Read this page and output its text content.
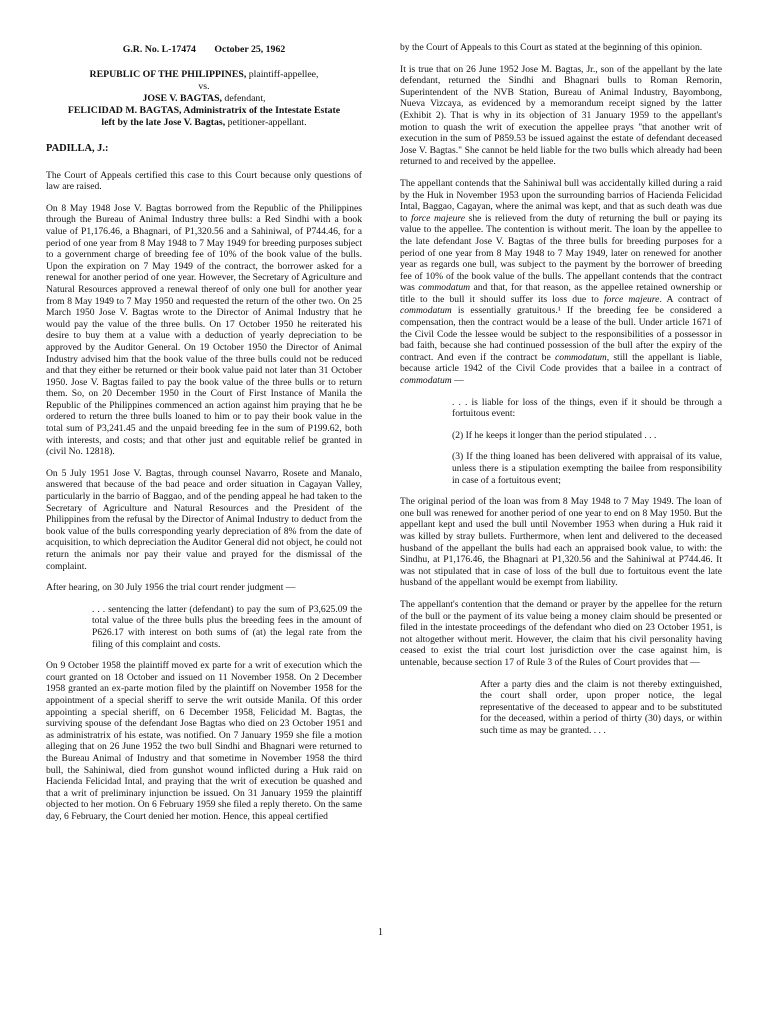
G.R. No. L-17474 October 25, 1962
REPUBLIC OF THE PHILIPPINES, plaintiff-appellee,
vs.
JOSE V. BAGTAS, defendant,
FELICIDAD M. BAGTAS, Administratrix of the Intestate Estate
left by the late Jose V. Bagtas, petitioner-appellant.
PADILLA, J.:

The Court of Appeals certified this case to this Court because only questions of law are raised.

On 8 May 1948 Jose V. Bagtas borrowed from the Republic of the Philippines through the Bureau of Animal Industry three bulls: a Red Sindhi with a book value of P1,176.46, a Bhagnari, of P1,320.56 and a Sahiniwal, of P744.46, for a period of one year from 8 May 1948 to 7 May 1949 for breeding purposes subject to a government charge of breeding fee of 10% of the book value of the bulls. Upon the expiration on 7 May 1949 of the contract, the borrower asked for a renewal for another period of one year. However, the Secretary of Agriculture and Natural Resources approved a renewal thereof of only one bull for another year from 8 May 1949 to 7 May 1950 and requested the return of the other two. On 25 March 1950 Jose V. Bagtas wrote to the Director of Animal Industry that he would pay the value of the three bulls. On 17 October 1950 he reiterated his desire to buy them at a value with a deduction of yearly depreciation to be approved by the Auditor General. On 19 October 1950 the Director of Animal Industry advised him that the book value of the three bulls could not be reduced and that they either be returned or their book value paid not later than 31 October 1950. Jose V. Bagtas failed to pay the book value of the three bulls or to return them. So, on 20 December 1950 in the Court of First Instance of Manila the Republic of the Philippines commenced an action against him praying that he be ordered to return the three bulls loaned to him or to pay their book value in the total sum of P3,241.45 and the unpaid breeding fee in the sum of P199.62, both with interests, and costs; and that other just and equitable relief be granted in (civil No. 12818).

On 5 July 1951 Jose V. Bagtas, through counsel Navarro, Rosete and Manalo, answered that because of the bad peace and order situation in Cagayan Valley, particularly in the barrio of Baggao, and of the pending appeal he had taken to the Secretary of Agriculture and Natural Resources and the President of the Philippines from the refusal by the Director of Animal Industry to deduct from the book value of the bulls corresponding yearly depreciation of 8% from the date of acquisition, to which depreciation the Auditor General did not object, he could not return the animals nor pay their value and prayed for the dismissal of the complaint.

After hearing, on 30 July 1956 the trial court render judgment —

. . . sentencing the latter (defendant) to pay the sum of P3,625.09 the total value of the three bulls plus the breeding fees in the amount of P626.17 with interest on both sums of (at) the legal rate from the filing of this complaint and costs.

On 9 October 1958 the plaintiff moved ex parte for a writ of execution which the court granted on 18 October and issued on 11 November 1958. On 2 December 1958 granted an ex-parte motion filed by the plaintiff on November 1958 for the appointment of a special sheriff to serve the writ outside Manila. Of this order appointing a special sheriff, on 6 December 1958, Felicidad M. Bagtas, the surviving spouse of the defendant Jose Bagtas who died on 23 October 1951 and as administratrix of his estate, was notified. On 7 January 1959 she file a motion alleging that on 26 June 1952 the two bull Sindhi and Bhagnari were returned to the Bureau Animal of Industry and that sometime in November 1958 the third bull, the Sahiniwal, died from gunshot wound inflicted during a Huk raid on Hacienda Felicidad Intal, and praying that the writ of execution be quashed and that a writ of preliminary injunction be issued. On 31 January 1959 the plaintiff objected to her motion. On 6 February 1959 she filed a reply thereto. On the same day, 6 February, the Court denied her motion. Hence, this appeal certified

by the Court of Appeals to this Court as stated at the beginning of this opinion.

It is true that on 26 June 1952 Jose M. Bagtas, Jr., son of the appellant by the late defendant, returned the Sindhi and Bhagnari bulls to Roman Remorin, Superintendent of the NVB Station, Bureau of Animal Industry, Bayombong, Nueva Vizcaya, as evidenced by a memorandum receipt signed by the latter (Exhibit 2). That is why in its objection of 31 January 1959 to the appellant's motion to quash the writ of execution the appellee prays "that another writ of execution in the sum of P859.53 be issued against the estate of defendant deceased Jose V. Bagtas." She cannot be held liable for the two bulls which already had been returned to and received by the appellee.

The appellant contends that the Sahiniwal bull was accidentally killed during a raid by the Huk in November 1953 upon the surrounding barrios of Hacienda Felicidad Intal, Baggao, Cagayan, where the animal was kept, and that as such death was due to force majeure she is relieved from the duty of returning the bull or paying its value to the appellee. The contention is without merit. The loan by the appellee to the late defendant Jose V. Bagtas of the three bulls for breeding purposes for a period of one year from 8 May 1948 to 7 May 1949, later on renewed for another year as regards one bull, was subject to the payment by the borrower of breeding fee of 10% of the book value of the bulls. The appellant contends that the contract was commodatum and that, for that reason, as the appellee retained ownership or title to the bull it should suffer its loss due to force majeure. A contract of commodatum is essentially gratuitous.¹ If the breeding fee be considered a compensation, then the contract would be a lease of the bull. Under article 1671 of the Civil Code the lessee would be subject to the responsibilities of a possessor in bad faith, because she had continued possession of the bull after the expiry of the contract. And even if the contract be commodatum, still the appellant is liable, because article 1942 of the Civil Code provides that a bailee in a contract of commodatum —

. . . is liable for loss of the things, even if it should be through a fortuitous event:

(2) If he keeps it longer than the period stipulated . . .

(3) If the thing loaned has been delivered with appraisal of its value, unless there is a stipulation exempting the bailee from responsibility in case of a fortuitous event;

The original period of the loan was from 8 May 1948 to 7 May 1949. The loan of one bull was renewed for another period of one year to end on 8 May 1950. But the appellant kept and used the bull until November 1953 when during a Huk raid it was killed by stray bullets. Furthermore, when lent and delivered to the deceased husband of the appellant the bulls had each an appraised book value, to with: the Sindhu, at P1,176.46, the Bhagnari at P1,320.56 and the Sahiniwal at P744.46. It was not stipulated that in case of loss of the bull due to fortuitous event the late husband of the appellant would be exempt from liability.

The appellant's contention that the demand or prayer by the appellee for the return of the bull or the payment of its value being a money claim should be presented or filed in the intestate proceedings of the defendant who died on 23 October 1951, is not altogether without merit. However, the claim that his civil personality having ceased to exist the trial court lost jurisdiction over the case against him, is untenable, because section 17 of Rule 3 of the Rules of Court provides that —

After a party dies and the claim is not thereby extinguished, the court shall order, upon proper notice, the legal representative of the deceased to appear and to be substituted for the deceased, within a period of thirty (30) days, or within such time as may be granted. . . .

1
